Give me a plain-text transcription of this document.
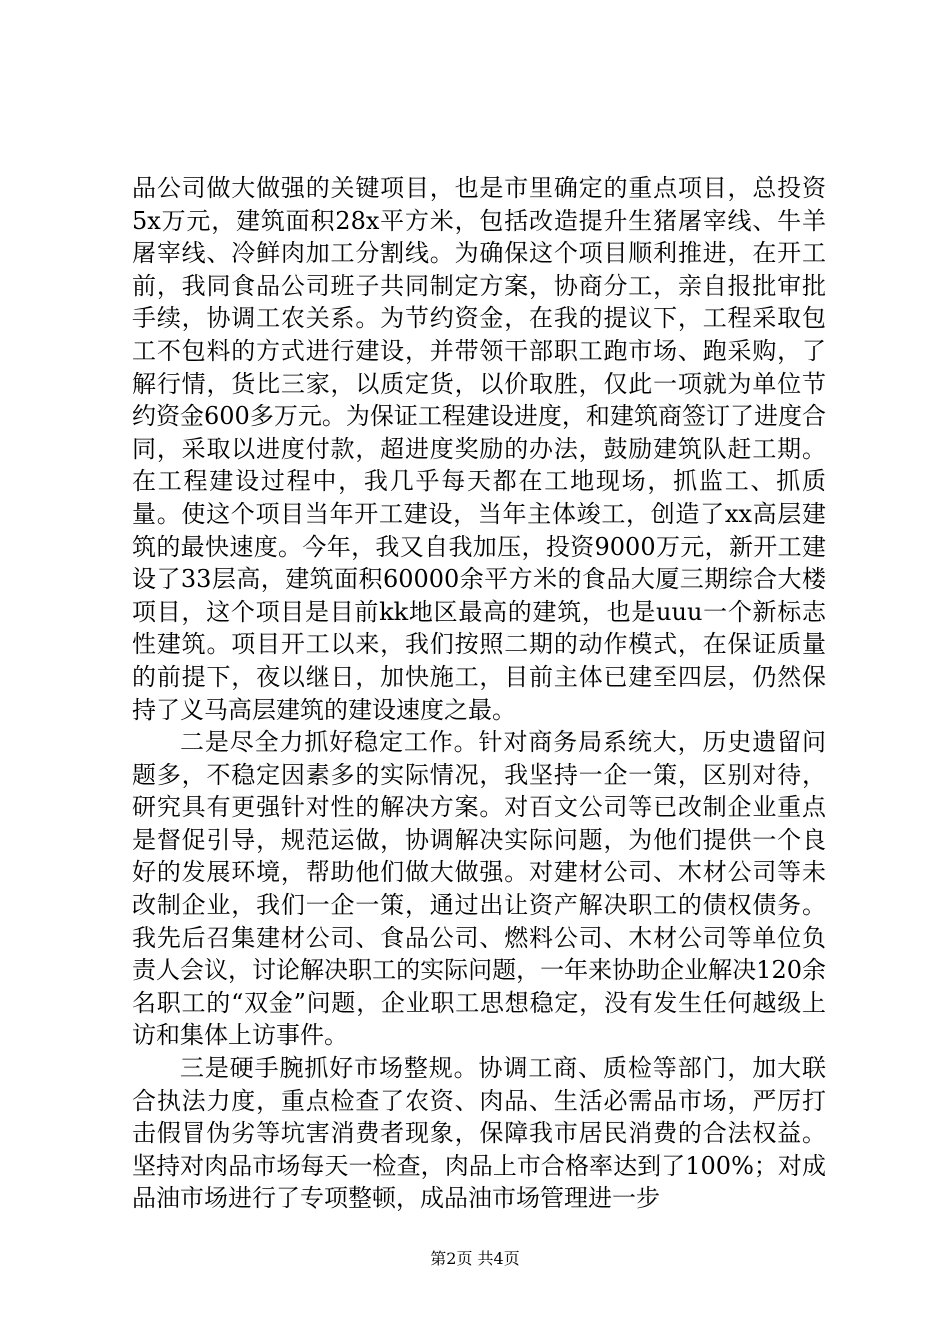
品公司做大做强的关键项目，也是市里确定的重点项目，总投资5x万元，建筑面积28x平方米，包括改造提升生猪屠宰线、牛羊屠宰线、冷鲜肉加工分割线。为确保这个项目顺利推进，在开工前，我同食品公司班子共同制定方案，协商分工，亲自报批审批手续，协调工农关系。为节约资金，在我的提议下，工程采取包工不包料的方式进行建设，并带领干部职工跑市场、跑采购，了解行情，货比三家，以质定货，以价取胜，仅此一项就为单位节约资金600多万元。为保证工程建设进度，和建筑商签订了进度合同，采取以进度付款，超进度奖励的办法，鼓励建筑队赶工期。在工程建设过程中，我几乎每天都在工地现场，抓监工、抓质量。使这个项目当年开工建设，当年主体竣工，创造了xx高层建筑的最快速度。今年，我又自我加压，投资9000万元，新开工建设了33层高，建筑面积60000余平方米的食品大厦三期综合大楼项目，这个项目是目前kk地区最高的建筑，也是uuu一个新标志性建筑。项目开工以来，我们按照二期的动作模式，在保证质量的前提下，夜以继日，加快施工，目前主体已建至四层，仍然保持了义马高层建筑的建设速度之最。

二是尽全力抓好稳定工作。针对商务局系统大，历史遗留问题多，不稳定因素多的实际情况，我坚持一企一策，区别对待，研究具有更强针对性的解决方案。对百文公司等已改制企业重点是督促引导，规范运做，协调解决实际问题，为他们提供一个良好的发展环境，帮助他们做大做强。对建材公司、木材公司等未改制企业，我们一企一策，通过出让资产解决职工的债权债务。我先后召集建材公司、食品公司、燃料公司、木材公司等单位负责人会议，讨论解决职工的实际问题，一年来协助企业解决120余名职工的“双金”问题，企业职工思想稳定，没有发生任何越级上访和集体上访事件。

三是硬手腕抓好市场整规。协调工商、质检等部门，加大联合执法力度，重点检查了农资、肉品、生活必需品市场，严厉打击假冒伪劣等坑害消费者现象，保障我市居民消费的合法权益。坚持对肉品市场每天一检查，肉品上市合格率达到了100%；对成品油市场进行了专项整顿，成品油市场管理进一步

第2页 共4页
